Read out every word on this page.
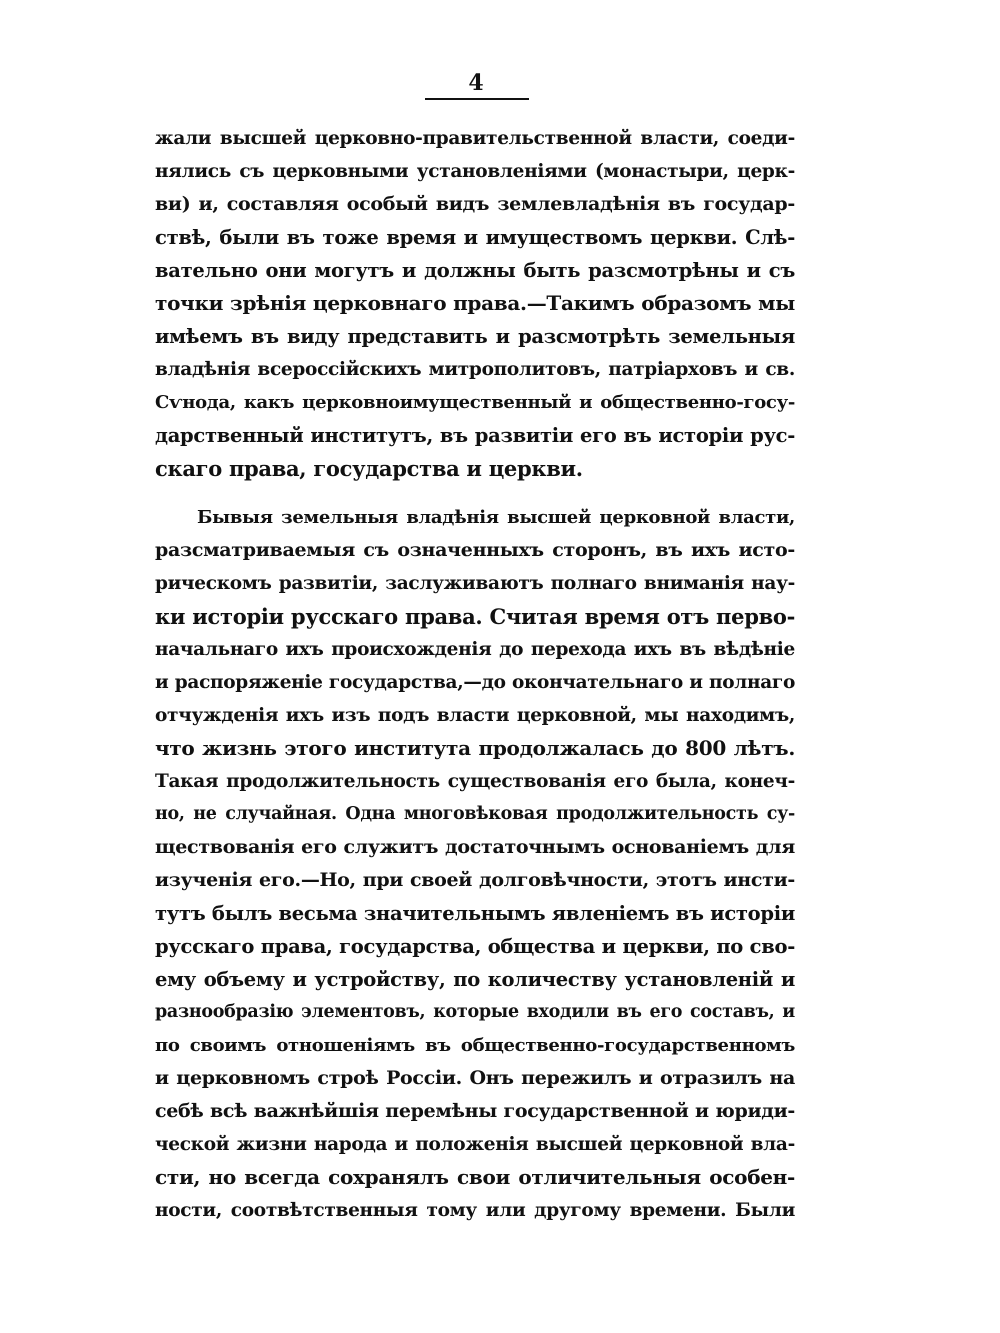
4
жали высшей церковно-правительственной власти, соеди-
нялись съ церковными установленіями (монастыри, церк-
ви) и, составляя особый видъ землевладѣнія въ государ-
ствѣ, были въ тоже время и имуществомъ церкви. Слѣ-
вательно они могутъ и должны быть разсмотрѣны и съ
точки зрѣнія церковнаго права.—Такимъ образомъ мы
имѣемъ въ виду представить и разсмотрѣть земельныя
владѣнія всероссійскихъ митрополитовъ, патріарховъ и св.
Сѵнода, какъ церковноимущественный и общественно-госу-
дарственный институтъ, въ развитіи его въ исторіи рус-
скаго права, государства и церкви.
Бывыя земельныя владѣнія высшей церковной власти,
разсматриваемыя съ означенныхъ сторонъ, въ ихъ исто-
рическомъ развитіи, заслуживаютъ полнаго вниманія нау-
ки исторіи русскаго права. Считая время отъ перво-
начальнаго ихъ происхожденія до перехода ихъ въ вѣдѣніе
и распоряженіе государства,—до окончательнаго и полнаго
отчужденія ихъ изъ подъ власти церковной, мы находимъ,
что жизнь этого института продолжалась до 800 лѣтъ.
Такая продолжительность существованія его была, конеч-
но, не случайная. Одна многовѣковая продолжительность су-
ществованія его служитъ достаточнымъ основаніемъ для
изученія его.—Но, при своей долговѣчности, этотъ инсти-
тутъ былъ весьма значительнымъ явленіемъ въ исторіи
русскаго права, государства, общества и церкви, по сво-
ему объему и устройству, по количеству установленій и
разнообразію элементовъ, которые входили въ его составъ, и
по своимъ отношеніямъ въ общественно-государственномъ
и церковномъ строѣ Россіи. Онъ пережилъ и отразилъ на
себѣ всѣ важнѣйшія перемѣны государственной и юриди-
ческой жизни народа и положенія высшей церковной вла-
сти, но всегда сохранялъ свои отличительныя особен-
ности, соотвѣтственныя тому или другому времени. Были
